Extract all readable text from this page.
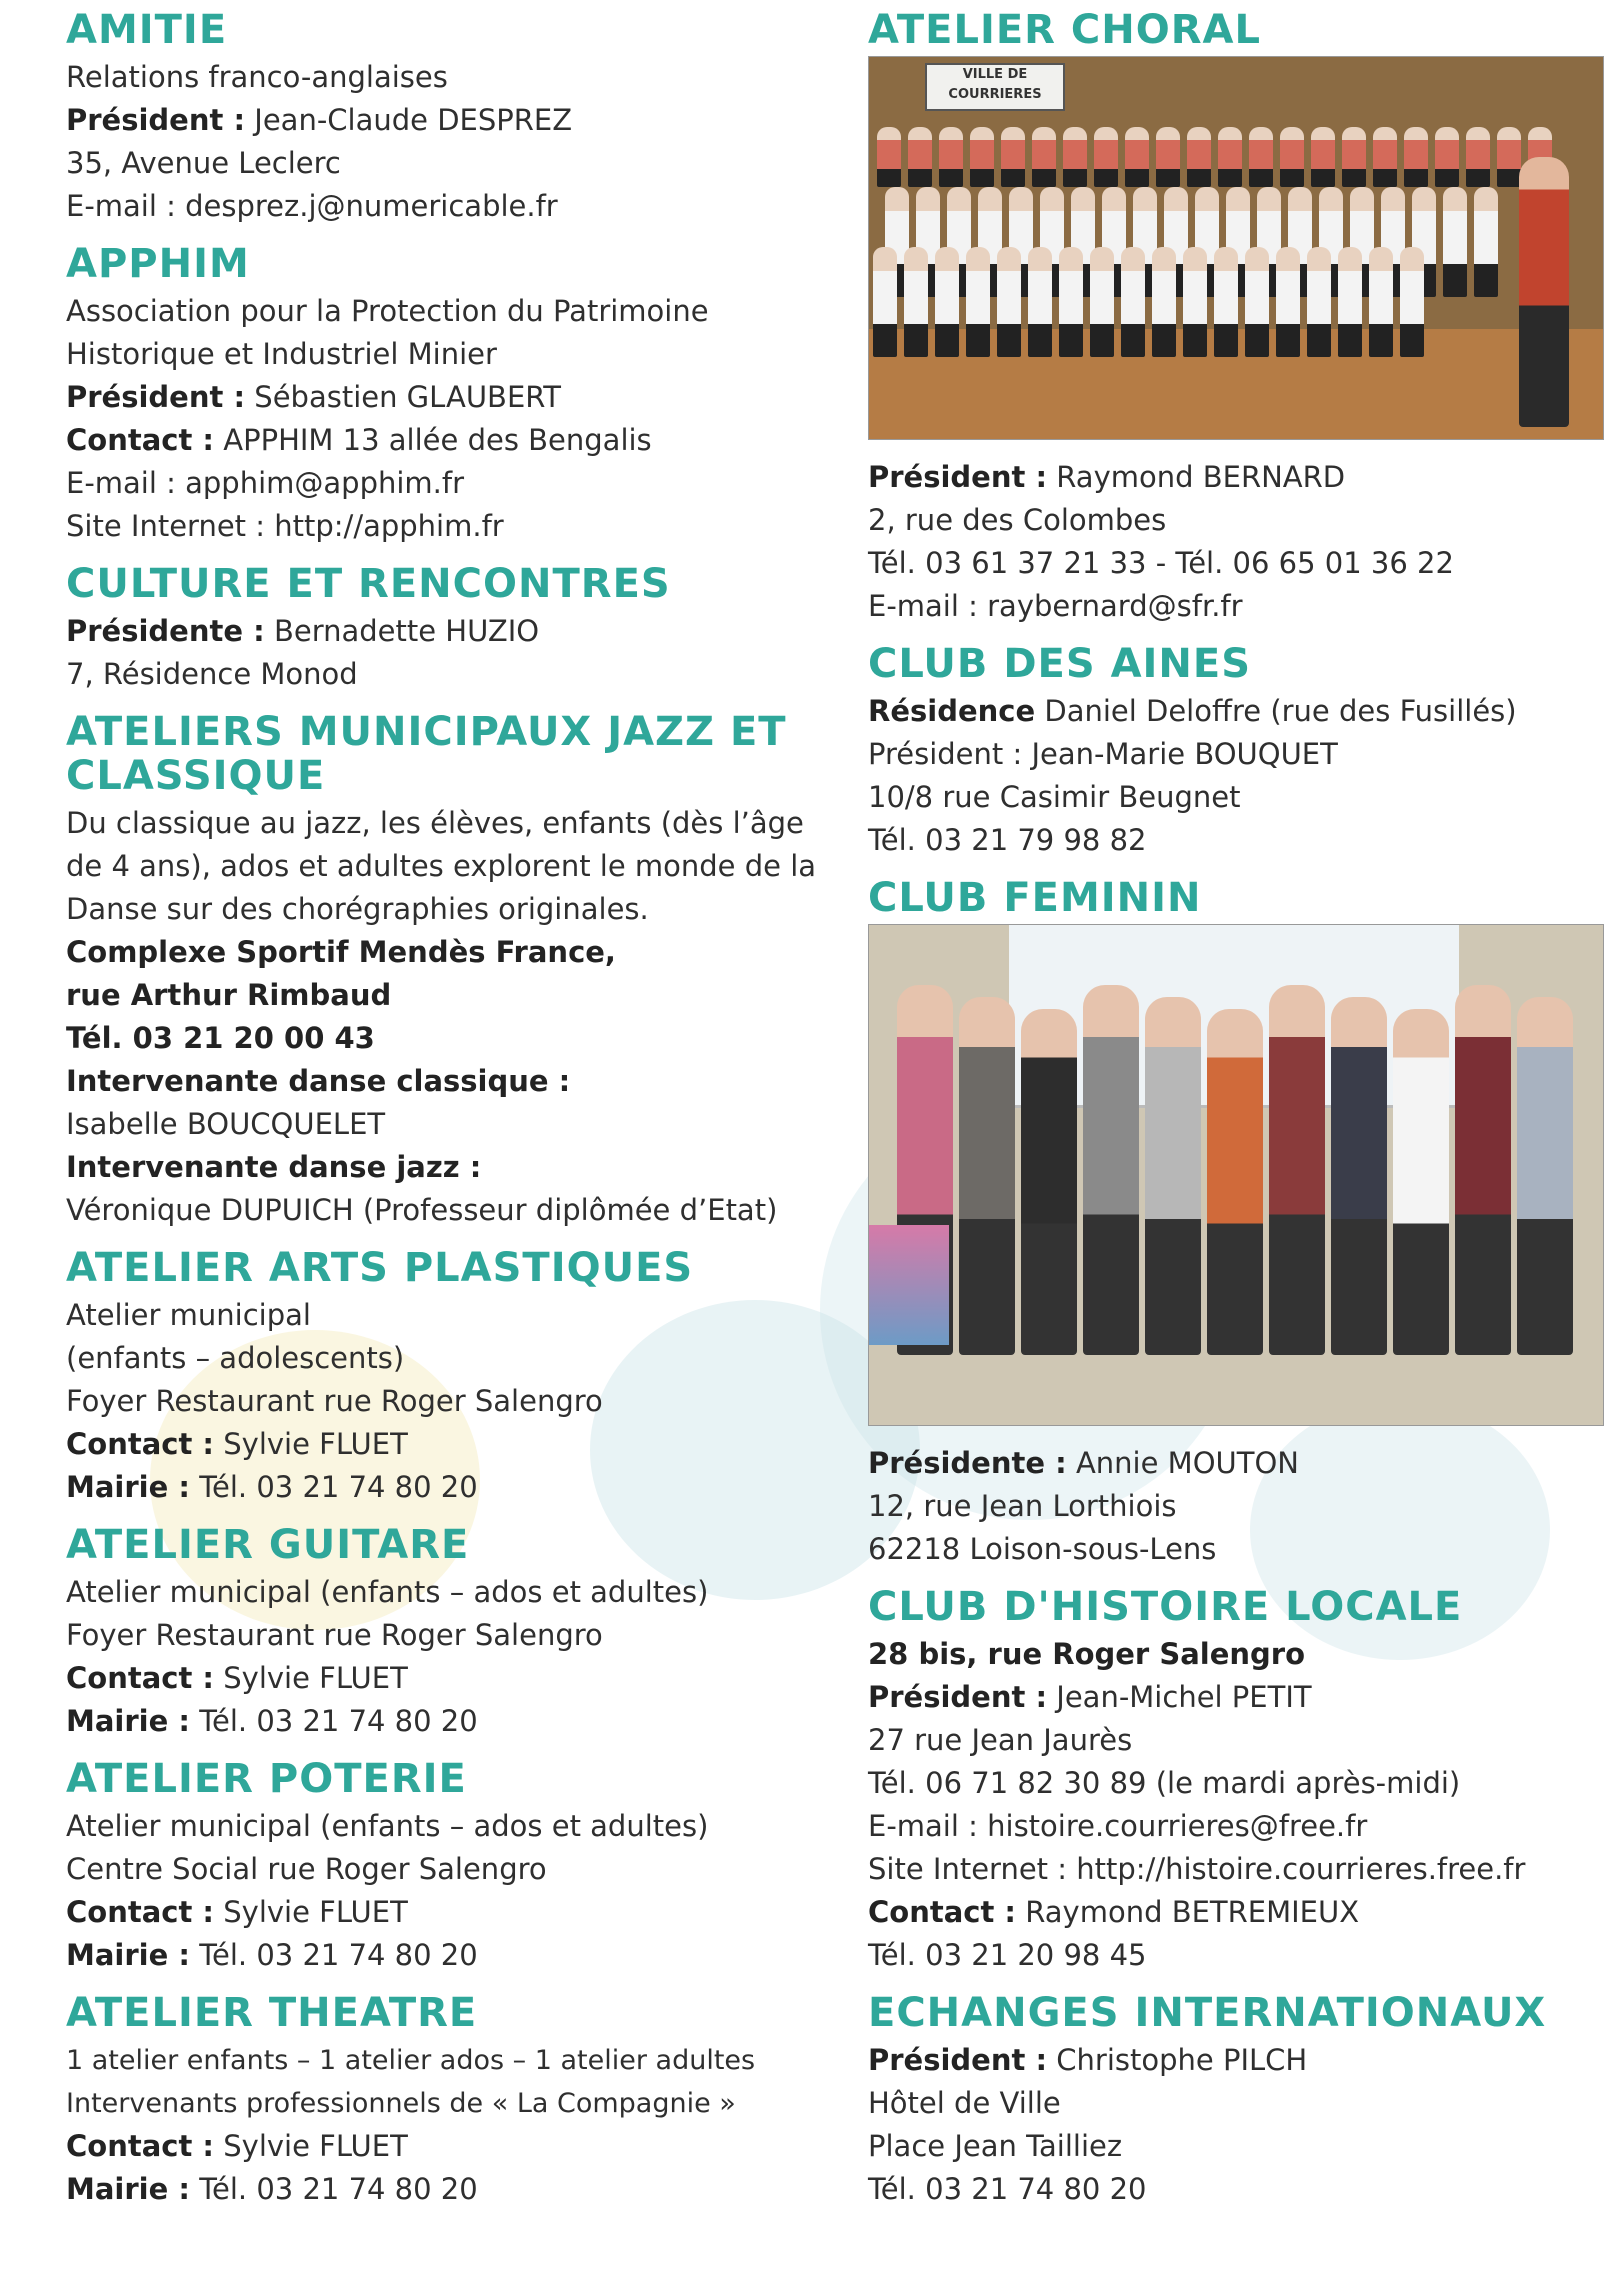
AMITIE
Relations franco-anglaises
Président : Jean-Claude DESPREZ
35, Avenue Leclerc
E-mail : desprez.j@numericable.fr
APPHIM
Association pour la Protection du Patrimoine
Historique et Industriel Minier
Président : Sébastien GLAUBERT
Contact : APPHIM 13 allée des Bengalis
E-mail : apphim@apphim.fr
Site Internet : http://apphim.fr
CULTURE ET RENCONTRES
Présidente : Bernadette HUZIO
7, Résidence Monod
ATELIERS MUNICIPAUX JAZZ ET CLASSIQUE
Du classique au jazz, les élèves, enfants (dès l’âge de 4 ans), ados et adultes explorent le monde de la Danse sur des chorégraphies originales.
Complexe Sportif Mendès France,
rue Arthur Rimbaud
Tél. 03 21 20 00 43
Intervenante danse classique :
Isabelle BOUCQUELET
Intervenante danse jazz :
Véronique DUPUICH (Professeur diplômée d’Etat)
ATELIER ARTS PLASTIQUES
Atelier municipal
(enfants – adolescents)
Foyer Restaurant rue Roger Salengro
Contact : Sylvie FLUET
Mairie : Tél. 03 21 74 80 20
ATELIER GUITARE
Atelier municipal (enfants – ados et adultes)
Foyer Restaurant rue Roger Salengro
Contact : Sylvie FLUET
Mairie : Tél. 03 21 74 80 20
ATELIER POTERIE
Atelier municipal (enfants – ados et adultes)
Centre Social rue Roger Salengro
Contact : Sylvie FLUET
Mairie : Tél. 03 21 74 80 20
ATELIER THEATRE
1 atelier enfants – 1 atelier ados – 1 atelier adultes
Intervenants professionnels de « La Compagnie »
Contact : Sylvie FLUET
Mairie : Tél. 03 21 74 80 20
ATELIER CHORAL
VILLE DE COURRIERES
Président : Raymond BERNARD
2, rue des Colombes
Tél. 03 61 37 21 33 - Tél. 06 65 01 36 22
E-mail : raybernard@sfr.fr
CLUB DES AINES
Résidence Daniel Deloffre (rue des Fusillés)
Président : Jean-Marie BOUQUET
10/8 rue Casimir Beugnet
Tél. 03 21 79 98 82
CLUB FEMININ
Présidente : Annie MOUTON
12, rue Jean Lorthiois
62218 Loison-sous-Lens
CLUB D'HISTOIRE LOCALE
28 bis, rue Roger Salengro
Président : Jean-Michel PETIT
27 rue Jean Jaurès
Tél. 06 71 82 30 89 (le mardi après-midi)
E-mail : histoire.courrieres@free.fr
Site Internet : http://histoire.courrieres.free.fr
Contact : Raymond BETREMIEUX
Tél. 03 21 20 98 45
ECHANGES INTERNATIONAUX
Président : Christophe PILCH
Hôtel de Ville
Place Jean Tailliez
Tél. 03 21 74 80 20
